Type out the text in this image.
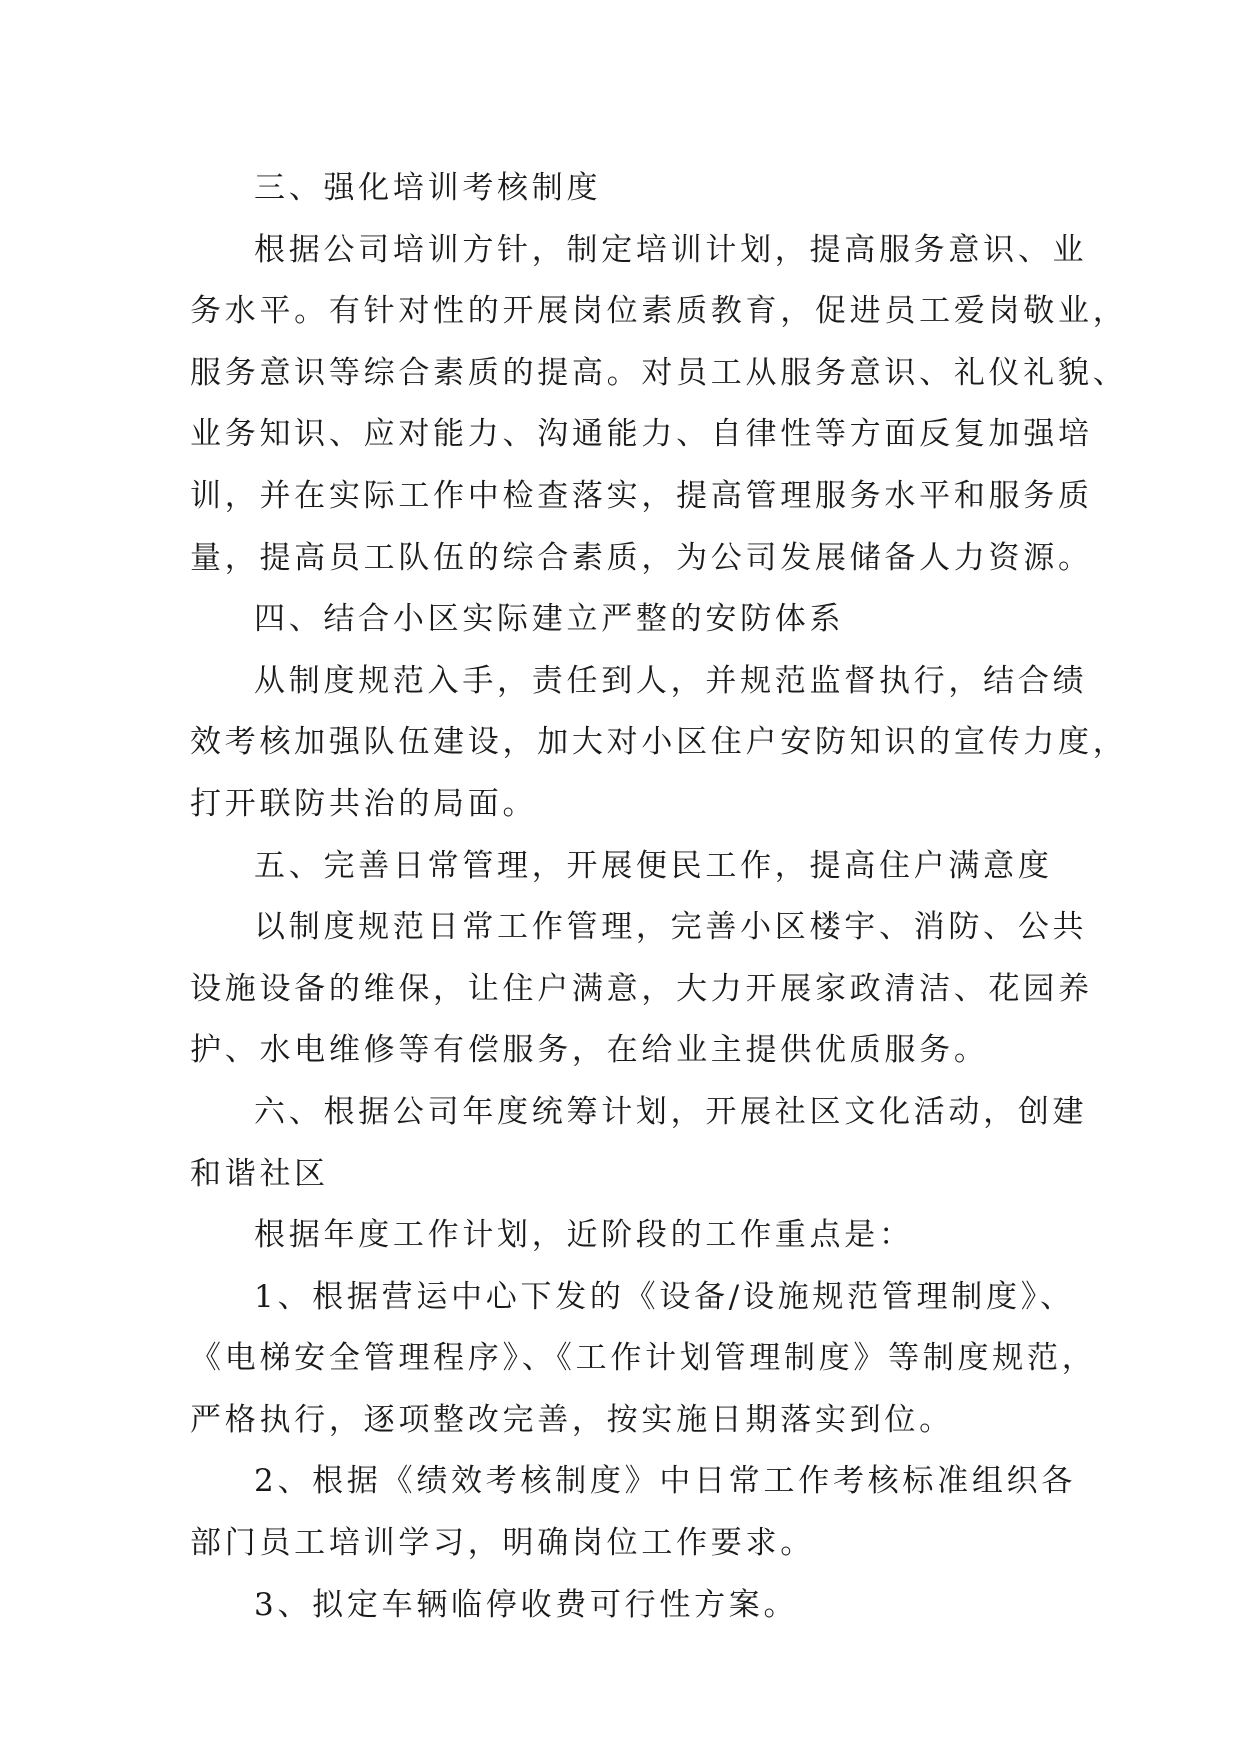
三、强化培训考核制度
根据公司培训方针，制定培训计划，提高服务意识、业
务水平。有针对性的开展岗位素质教育，促进员工爱岗敬业，
服务意识等综合素质的提高。对员工从服务意识、礼仪礼貌、
业务知识、应对能力、沟通能力、自律性等方面反复加强培
训，并在实际工作中检查落实，提高管理服务水平和服务质
量，提高员工队伍的综合素质，为公司发展储备人力资源。
四、结合小区实际建立严整的安防体系
从制度规范入手，责任到人，并规范监督执行，结合绩
效考核加强队伍建设，加大对小区住户安防知识的宣传力度，
打开联防共治的局面。
五、完善日常管理，开展便民工作，提高住户满意度
以制度规范日常工作管理，完善小区楼宇、消防、公共
设施设备的维保，让住户满意，大力开展家政清洁、花园养
护、水电维修等有偿服务，在给业主提供优质服务。
六、根据公司年度统筹计划，开展社区文化活动，创建
和谐社区
根据年度工作计划，近阶段的工作重点是：
1、根据营运中心下发的《设备/设施规范管理制度》、
《电梯安全管理程序》、《工作计划管理制度》等制度规范，
严格执行，逐项整改完善，按实施日期落实到位。
2、根据《绩效考核制度》中日常工作考核标准组织各
部门员工培训学习，明确岗位工作要求。
3、拟定车辆临停收费可行性方案。
